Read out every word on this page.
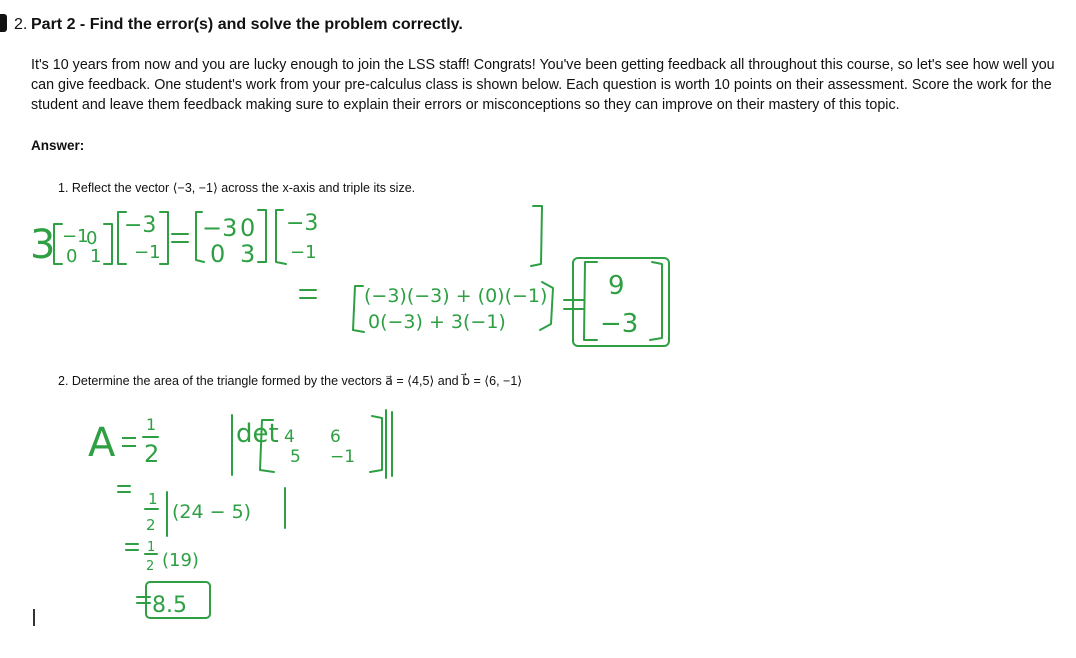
2. Part 2 - Find the error(s) and solve the problem correctly.
It's 10 years from now and you are lucky enough to join the LSS staff! Congrats! You've been getting feedback all throughout this course, so let's see how well you can give feedback. One student's work from your pre-calculus class is shown below. Each question is worth 10 points on their assessment. Score the work for the student and leave them feedback making sure to explain their errors or misconceptions so they can improve on their mastery of this topic.
Answer:
1. Reflect the vector ⟨−3, −1⟩ across the x-axis and triple its size.
2. Determine the area of the triangle formed by the vectors a⃗ = ⟨4,5⟩ and b⃗ = ⟨6, −1⟩
3 −1
0
0 1
−3
−1
−3 0
0 3
−3
−1
(−3)(−3) + (0)(−1)
0(−3) + 3(−1)
9
−3
A 1
2
det 4 6
5 −1
1
2
(24 − 5)
1
2 (19)
8.5
